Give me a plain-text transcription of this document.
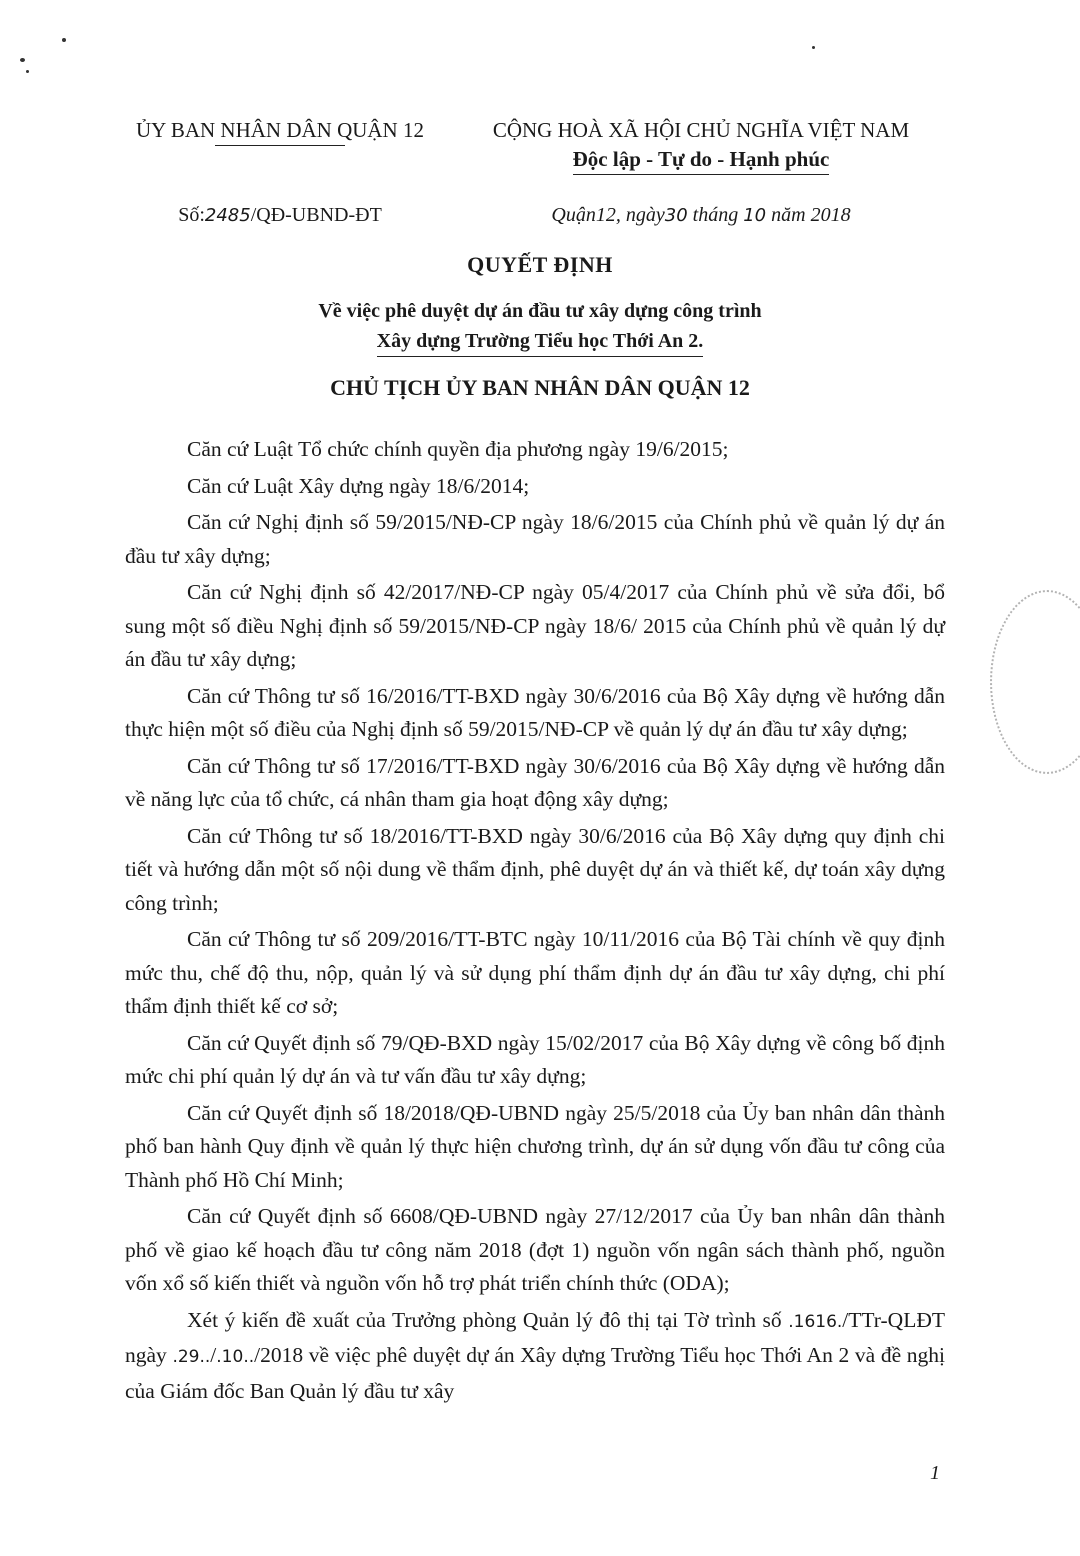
ỦY BAN NHÂN DÂN QUẬN 12	CỘNG HOÀ XÃ HỘI CHỦ NGHĨA VIỆT NAM
Độc lập - Tự do - Hạnh phúc
Số:2485/QĐ-UBND-ĐT	Quận12, ngày30 tháng 10 năm 2018
QUYẾT ĐỊNH
Về việc phê duyệt dự án đầu tư xây dựng công trình
Xây dựng Trường Tiểu học Thới An 2.
CHỦ TỊCH ỦY BAN NHÂN DÂN QUẬN 12

Căn cứ Luật Tổ chức chính quyền địa phương ngày 19/6/2015;

Căn cứ Luật Xây dựng ngày 18/6/2014;

Căn cứ Nghị định số 59/2015/NĐ-CP ngày 18/6/2015 của Chính phủ về quản lý dự án đầu tư xây dựng;

Căn cứ Nghị định số 42/2017/NĐ-CP ngày 05/4/2017 của Chính phủ về sửa đổi, bổ sung một số điều Nghị định số 59/2015/NĐ-CP ngày 18/6/ 2015 của Chính phủ về quản lý dự án đầu tư xây dựng;

Căn cứ Thông tư số 16/2016/TT-BXD ngày 30/6/2016 của Bộ Xây dựng về hướng dẫn thực hiện một số điều của Nghị định số 59/2015/NĐ-CP về quản lý dự án đầu tư xây dựng;

Căn cứ Thông tư số 17/2016/TT-BXD ngày 30/6/2016 của Bộ Xây dựng về hướng dẫn về năng lực của tổ chức, cá nhân tham gia hoạt động xây dựng;

Căn cứ Thông tư số 18/2016/TT-BXD ngày 30/6/2016 của Bộ Xây dựng quy định chi tiết và hướng dẫn một số nội dung về thẩm định, phê duyệt dự án và thiết kế, dự toán xây dựng công trình;

Căn cứ Thông tư số 209/2016/TT-BTC ngày 10/11/2016 của Bộ Tài chính về quy định mức thu, chế độ thu, nộp, quản lý và sử dụng phí thẩm định dự án đầu tư xây dựng, chi phí thẩm định thiết kế cơ sở;

Căn cứ Quyết định số 79/QĐ-BXD ngày 15/02/2017 của Bộ Xây dựng về công bố định mức chi phí quản lý dự án và tư vấn đầu tư xây dựng;

Căn cứ Quyết định số 18/2018/QĐ-UBND ngày 25/5/2018 của Ủy ban nhân dân thành phố ban hành Quy định về quản lý thực hiện chương trình, dự án sử dụng vốn đầu tư công của Thành phố Hồ Chí Minh;

Căn cứ Quyết định số 6608/QĐ-UBND ngày 27/12/2017 của Ủy ban nhân dân thành phố về giao kế hoạch đầu tư công năm 2018 (đợt 1) nguồn vốn ngân sách thành phố, nguồn vốn xổ số kiến thiết và nguồn vốn hỗ trợ phát triển chính thức (ODA);

Xét ý kiến đề xuất của Trưởng phòng Quản lý đô thị tại Tờ trình số .1616./TTr-QLĐT ngày .29../.10../2018 về việc phê duyệt dự án Xây dựng Trường Tiểu học Thới An 2 và đề nghị của Giám đốc Ban Quản lý đầu tư xây

1
